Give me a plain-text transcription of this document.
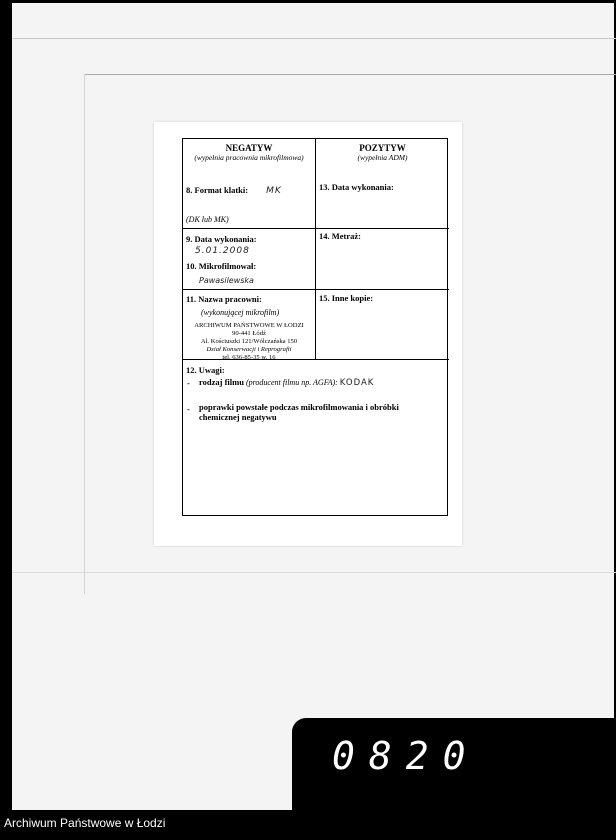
NEGATYW
(wypełnia pracownia mikrofilmowa)
POZYTYW
(wypełnia ADM)
8. Format klatki: MK
(DK lub MK)
13. Data wykonania:
9. Data wykonania:
5.01.2008
10. Mikrofilmował:
Pawasilewska
14. Metraż:
11. Nazwa pracowni:
(wykonującej mikrofilm)
ARCHIWUM PAŃSTWOWE W ŁODZI
90-441 Łódź
Al. Kościuszki 121/Wólczańska 150
Dział Konserwacji i Reprografii
tel. 636-85-35 w. 16
15. Inne kopie:
12. Uwagi:
- rodzaj filmu (producent filmu np. AGFA): KODAK
- poprawki powstałe podczas mikrofilmowania i obróbki chemicznej negatywu
0820
Archiwum Państwowe w Łodzi
